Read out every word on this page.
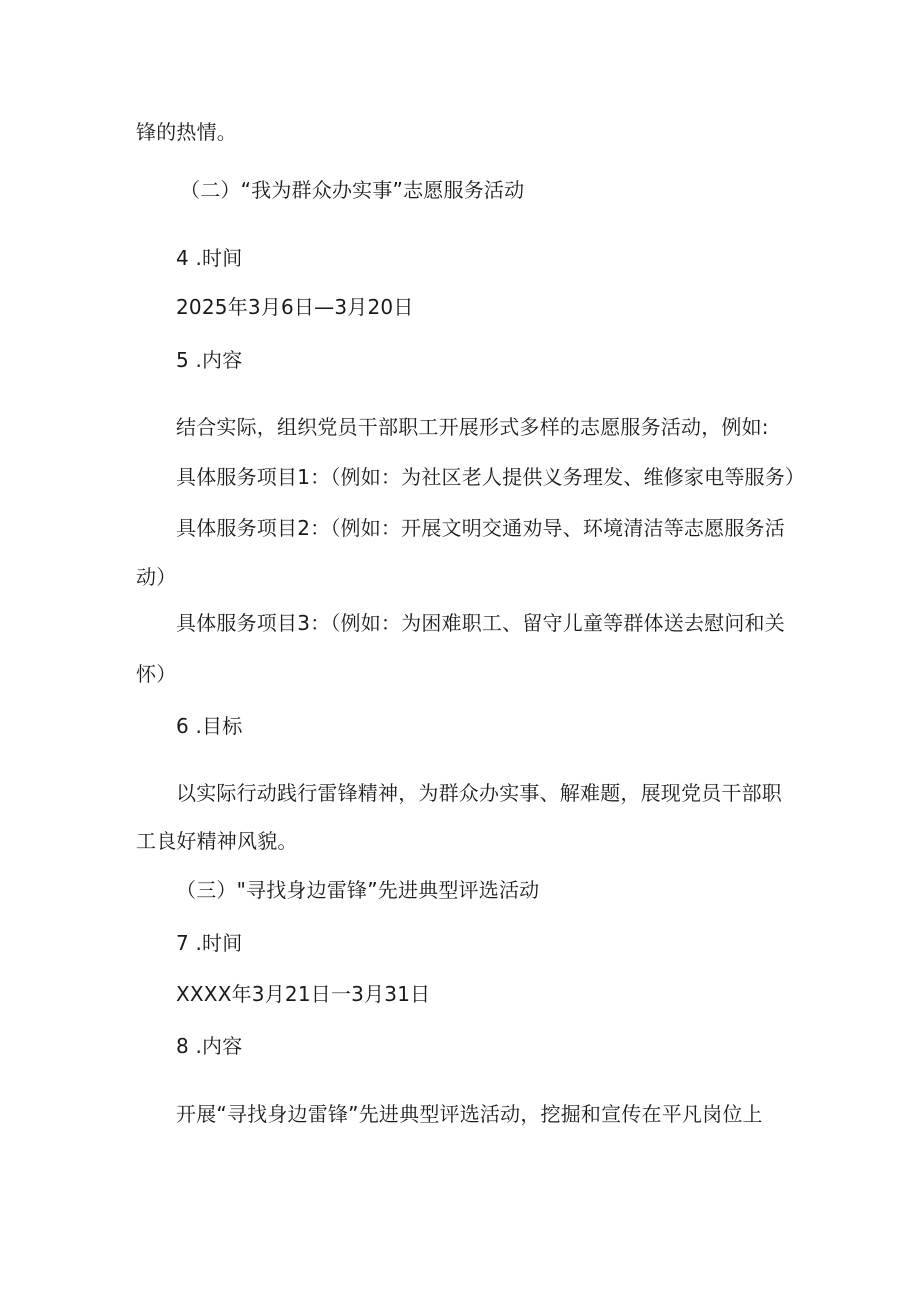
锋的热情。
（二）“我为群众办实事”志愿服务活动
4 .时间
2025年3月6日—3月20日
5 .内容
结合实际，组织党员干部职工开展形式多样的志愿服务活动，例如:
具体服务项目1：（例如：为社区老人提供义务理发、维修家电等服务）
具体服务项目2：（例如：开展文明交通劝导、环境清洁等志愿服务活
动）
具体服务项目3：（例如：为困难职工、留守儿童等群体送去慰问和关
怀）
6 .目标
以实际行动践行雷锋精神，为群众办实事、解难题，展现党员干部职
工良好精神风貌。
（三）"寻找身边雷锋”先进典型评选活动
7 .时间
XXXX年3月21日一3月31日
8 .内容
开展“寻找身边雷锋”先进典型评选活动，挖掘和宣传在平凡岗位上
